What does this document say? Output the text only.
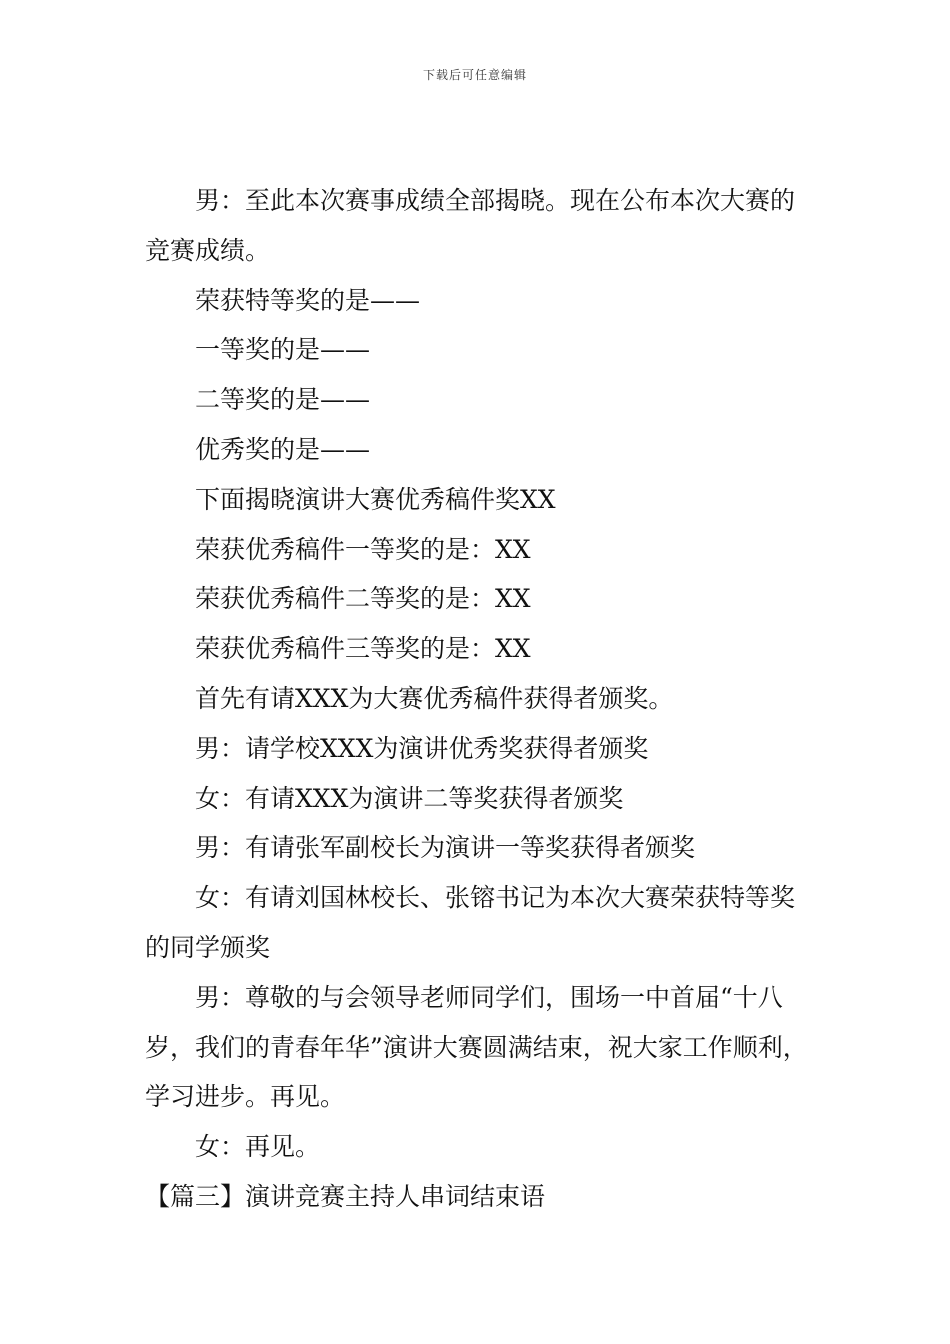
下载后可任意编辑

男：至此本次赛事成绩全部揭晓。现在公布本次大赛的竞赛成绩。

荣获特等奖的是——

一等奖的是——

二等奖的是——

优秀奖的是——

下面揭晓演讲大赛优秀稿件奖XX

荣获优秀稿件一等奖的是：XX

荣获优秀稿件二等奖的是：XX

荣获优秀稿件三等奖的是：XX

首先有请XXX为大赛优秀稿件获得者颁奖。

男：请学校XXX为演讲优秀奖获得者颁奖

女：有请XXX为演讲二等奖获得者颁奖

男：有请张军副校长为演讲一等奖获得者颁奖

女：有请刘国林校长、张镕书记为本次大赛荣获特等奖的同学颁奖

男：尊敬的与会领导老师同学们，围场一中首届“十八岁，我们的青春年华”演讲大赛圆满结束，祝大家工作顺利，学习进步。再见。

女：再见。

【篇三】演讲竞赛主持人串词结束语
